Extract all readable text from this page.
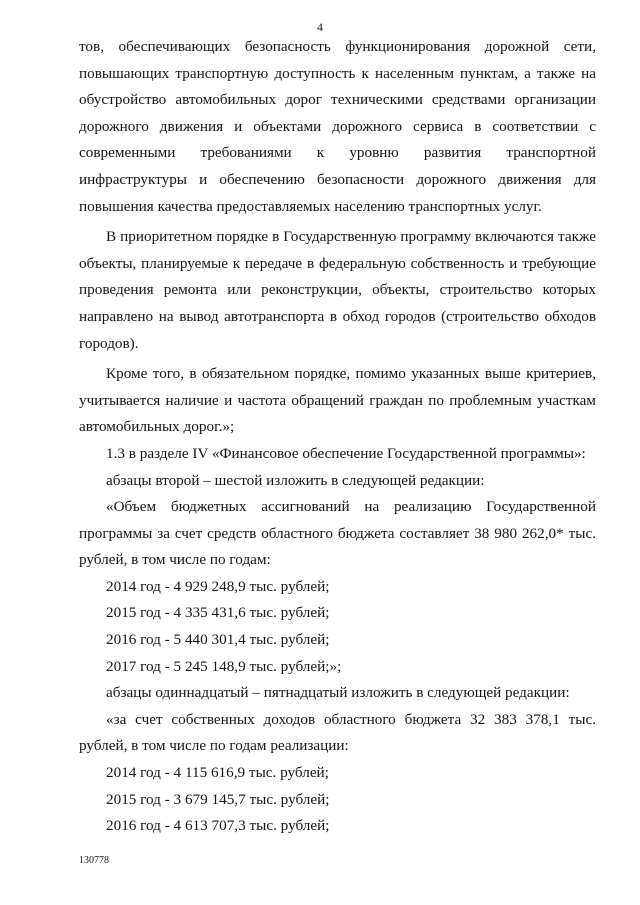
4

тов, обеспечивающих безопасность функционирования дорожной сети, повышающих транспортную доступность к населенным пунктам, а также на обустройство автомобильных дорог техническими средствами организации дорожного движения и объектами дорожного сервиса в соответствии с современными требованиями к уровню развития транспортной инфраструктуры и обеспечению безопасности дорожного движения для повышения качества предоставляемых населению транспортных услуг.

В приоритетном порядке в Государственную программу включаются также объекты, планируемые к передаче в федеральную собственность и требующие проведения ремонта или реконструкции, объекты, строительство которых направлено на вывод автотранспорта в обход городов (строительство обходов городов).

Кроме того, в обязательном порядке, помимо указанных выше критериев, учитывается наличие и частота обращений граждан по проблемным участкам автомобильных дорог.»;

1.3 в разделе IV «Финансовое обеспечение Государственной программы»:

абзацы второй – шестой изложить в следующей редакции:

«Объем бюджетных ассигнований на реализацию Государственной программы за счет средств областного бюджета составляет 38 980 262,0* тыс. рублей, в том числе по годам:

2014 год - 4 929 248,9 тыс. рублей;

2015 год - 4 335 431,6 тыс. рублей;

2016 год - 5 440 301,4 тыс. рублей;

2017 год - 5 245 148,9 тыс. рублей;»;

абзацы одиннадцатый – пятнадцатый изложить в следующей редакции:

«за счет собственных доходов областного бюджета 32 383 378,1 тыс. рублей, в том числе по годам реализации:

2014 год - 4 115 616,9 тыс. рублей;

2015 год - 3 679 145,7 тыс. рублей;

2016 год - 4 613 707,3 тыс. рублей;

130778
